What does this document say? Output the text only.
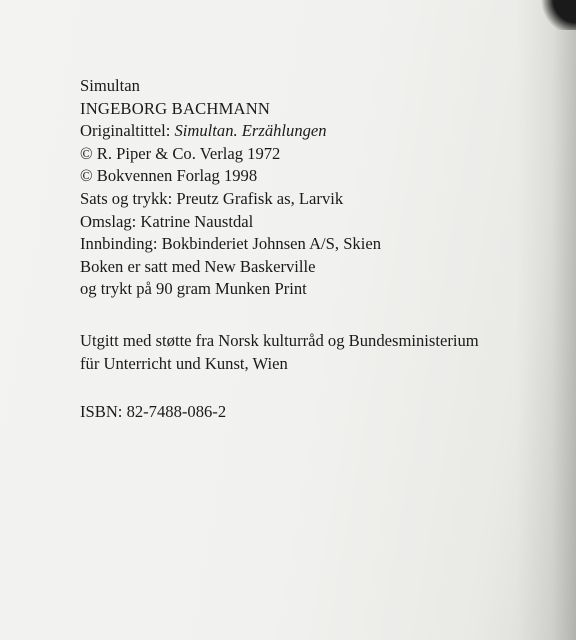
Simultan
INGEBORG BACHMANN
Originaltittel: Simultan. Erzählungen
© R. Piper & Co. Verlag 1972
© Bokvennen Forlag 1998
Sats og trykk: Preutz Grafisk as, Larvik
Omslag: Katrine Naustdal
Innbinding: Bokbinderiet Johnsen A/S, Skien
Boken er satt med New Baskerville
og trykt på 90 gram Munken Print
Utgitt med støtte fra Norsk kulturråd og Bundesministerium
für Unterricht und Kunst, Wien
ISBN: 82-7488-086-2
